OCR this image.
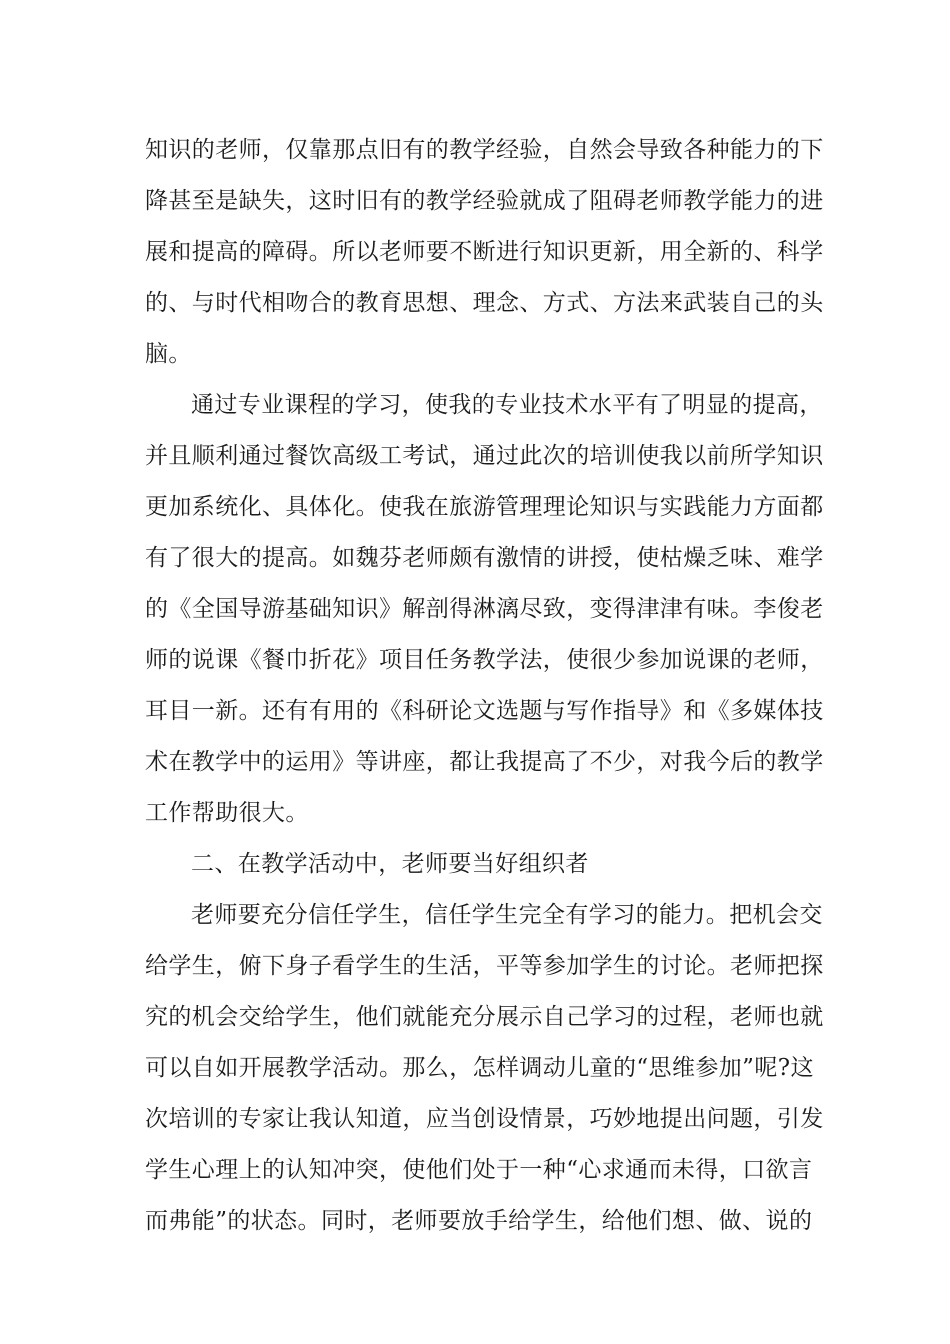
知识的老师，仅靠那点旧有的教学经验，自然会导致各种能力的下
降甚至是缺失，这时旧有的教学经验就成了阻碍老师教学能力的进
展和提高的障碍。所以老师要不断进行知识更新，用全新的、科学
的、与时代相吻合的教育思想、理念、方式、方法来武装自己的头
脑。
通过专业课程的学习，使我的专业技术水平有了明显的提高，
并且顺利通过餐饮高级工考试，通过此次的培训使我以前所学知识
更加系统化、具体化。使我在旅游管理理论知识与实践能力方面都
有了很大的提高。如魏芬老师颇有激情的讲授，使枯燥乏味、难学
的《全国导游基础知识》解剖得淋漓尽致，变得津津有味。李俊老
师的说课《餐巾折花》项目任务教学法，使很少参加说课的老师，
耳目一新。还有有用的《科研论文选题与写作指导》和《多媒体技
术在教学中的运用》等讲座，都让我提高了不少，对我今后的教学
工作帮助很大。
二、在教学活动中，老师要当好组织者
老师要充分信任学生，信任学生完全有学习的能力。把机会交
给学生，俯下身子看学生的生活，平等参加学生的讨论。老师把探
究的机会交给学生，他们就能充分展示自己学习的过程，老师也就
可以自如开展教学活动。那么，怎样调动儿童的“思维参加”呢?这
次培训的专家让我认知道，应当创设情景，巧妙地提出问题，引发
学生心理上的认知冲突，使他们处于一种“心求通而未得，口欲言
而弗能”的状态。同时，老师要放手给学生，给他们想、做、说的
